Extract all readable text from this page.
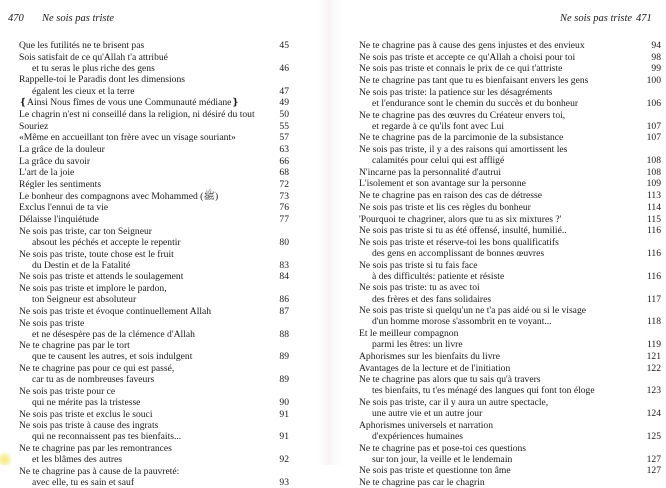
470 Ne sois pas triste
Que les futilités ne te brisent pas	45
Sois satisfait de ce qu'Allah t'a attribué
et tu seras le plus riche des gens	46
Rappelle-toi le Paradis dont les dimensions
égalent les cieux et la terre	47
❴Ainsi Nous fîmes de vous une Communauté médiane❵	49
Le chagrin n'est ni conseillé dans la religion, ni désiré du tout	50
Souriez	55
«Même en accueillant ton frère avec un visage souriant»	57
La grâce de la douleur	63
La grâce du savoir	66
L'art de la joie	68
Régler les sentiments	72
Le bonheur des compagnons avec Mohammed (ﷺ)	73
Exclus l'ennui de ta vie	76
Délaisse l'inquiétude	77
Ne sois pas triste, car ton Seigneur
absout les péchés et accepte le repentir	80
Ne sois pas triste, toute chose est le fruit
du Destin et de la Fatalité	83
Ne sois pas triste et attends le soulagement	84
Ne sois pas triste et implore le pardon,
ton Seigneur est absoluteur	86
Ne sois pas triste et évoque continuellement Allah	87
Ne sois pas triste
et ne désespère pas de la clémence d'Allah	88
Ne te chagrine pas par le tort
que te causent les autres, et sois indulgent	89
Ne te chagrine pas pour ce qui est passé,
car tu as de nombreuses faveurs	89
Ne sois pas triste pour ce
qui ne mérite pas la tristesse	90
Ne sois pas triste et exclus le souci	91
Ne sois pas triste à cause des ingrats
qui ne reconnaissent pas tes bienfaits...	91
Ne te chagrine pas par les remontrances
et les blâmes des autres	92
Ne te chagrine pas à cause de la pauvreté:
avec elle, tu es sain et sauf	93
Ne sois pas triste 471
Ne te chagrine pas à cause des gens injustes et des envieux	94
Ne sois pas triste et accepte ce qu'Allah a choisi pour toi	98
Ne sois pas triste et connais le prix de ce qui t'attriste	99
Ne te chagrine pas tant que tu es bienfaisant envers les gens	100
Ne sois pas triste: la patience sur les désagréments
et l'endurance sont le chemin du succès et du bonheur	106
Ne te chagrine pas des œuvres du Créateur envers toi,
et regarde à ce qu'ils font avec Lui	107
Ne te chagrine pas de la parcimonie de la subsistance	107
Ne sois pas triste, il y a des raisons qui amortissent les
calamités pour celui qui est affligé	108
N'incarne pas la personnalité d'autrui	108
L'isolement et son avantage sur la personne	109
Ne te chagrine pas en raison des cas de détresse	113
Ne sois pas triste et lis ces règles du bonheur	114
'Pourquoi te chagriner, alors que tu as six mixtures ?'	115
Ne sois pas triste si tu as été offensé, insulté, humilié..	116
Ne sois pas triste et réserve-toi les bons qualificatifs
des gens en accomplissant de bonnes œuvres	116
Ne sois pas triste si tu fais face
à des difficultés: patiente et résiste	116
Ne sois pas triste: tu as avec toi
des frères et des fans solidaires	117
Ne sois pas triste si quelqu'un ne t'a pas aidé ou si le visage
d'un homme morose s'assombrit en te voyant...	118
Et le meilleur compagnon
parmi les êtres: un livre	119
Aphorismes sur les bienfaits du livre	121
Avantages de la lecture et de l'initiation	122
Ne te chagrine pas alors que tu sais qu'à travers
tes bienfaits, tu t'es ménagé des langues qui font ton éloge	123
Ne sois pas triste, car il y aura un autre spectacle,
une autre vie et un autre jour	124
Aphorismes universels et narration
d'expériences humaines	125
Ne te chagrine pas et pose-toi ces questions
sur ton jour, la veille et le lendemain	127
Ne sois pas triste et questionne ton âme	127
Ne te chagrine pas car le chagrin
